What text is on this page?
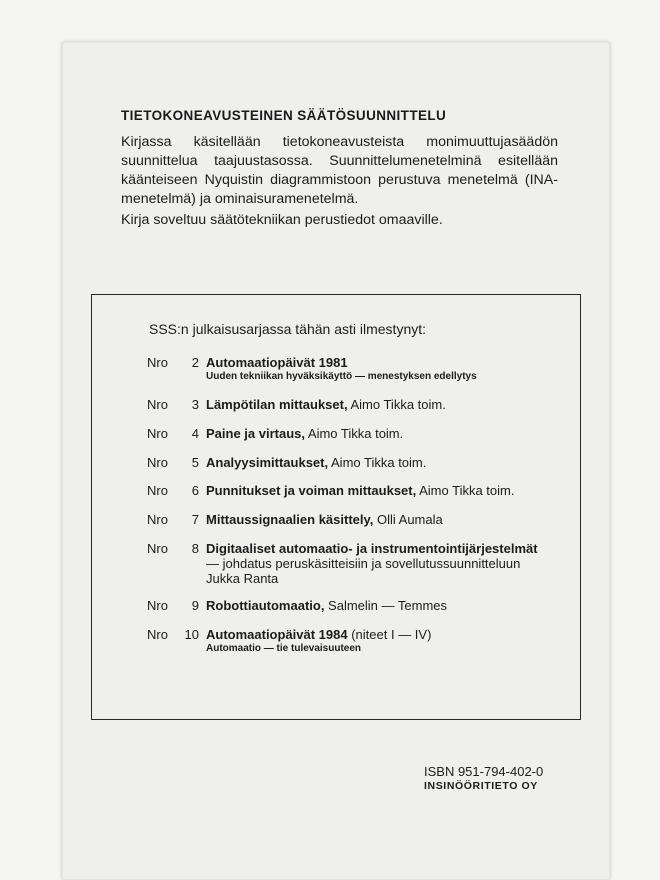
TIETOKONEAVUSTEINEN SÄÄTÖSUUNNITTELU

Kirjassa käsitellään tietokoneavusteista monimuuttujasäädön suunnittelua taajuustasossa. Suunnittelumenetelminä esitellään käänteiseen Nyquistin diagrammistoon perustuva menetelmä (INA-menetelmä) ja ominaisuramenetelmä.

Kirja soveltuu säätötekniikan perustiedot omaaville.

SSS:n julkaisusarjassa tähän asti ilmestynyt:
Nro	2 Automaatiopäivät 1981
Uuden tekniikan hyväksikäyttö — menestyksen edellytys
Nro	3 Lämpötilan mittaukset, Aimo Tikka toim.
Nro	4 Paine ja virtaus, Aimo Tikka toim.
Nro	5 Analyysimittaukset, Aimo Tikka toim.
Nro	6 Punnitukset ja voiman mittaukset, Aimo Tikka toim.
Nro	7 Mittaussignaalien käsittely, Olli Aumala
Nro	8 Digitaaliset automaatio- ja instrumentointijärjestelmät
— johdatus peruskäsitteisiin ja sovellutussuunnitteluun
Jukka Ranta
Nro	9 Robottiautomaatio, Salmelin — Temmes
Nro	10 Automaatiopäivät 1984 (niteet I — IV)
Automaatio — tie tulevaisuuteen
ISBN 951-794-402-0
INSINÖÖRITIETO OY
